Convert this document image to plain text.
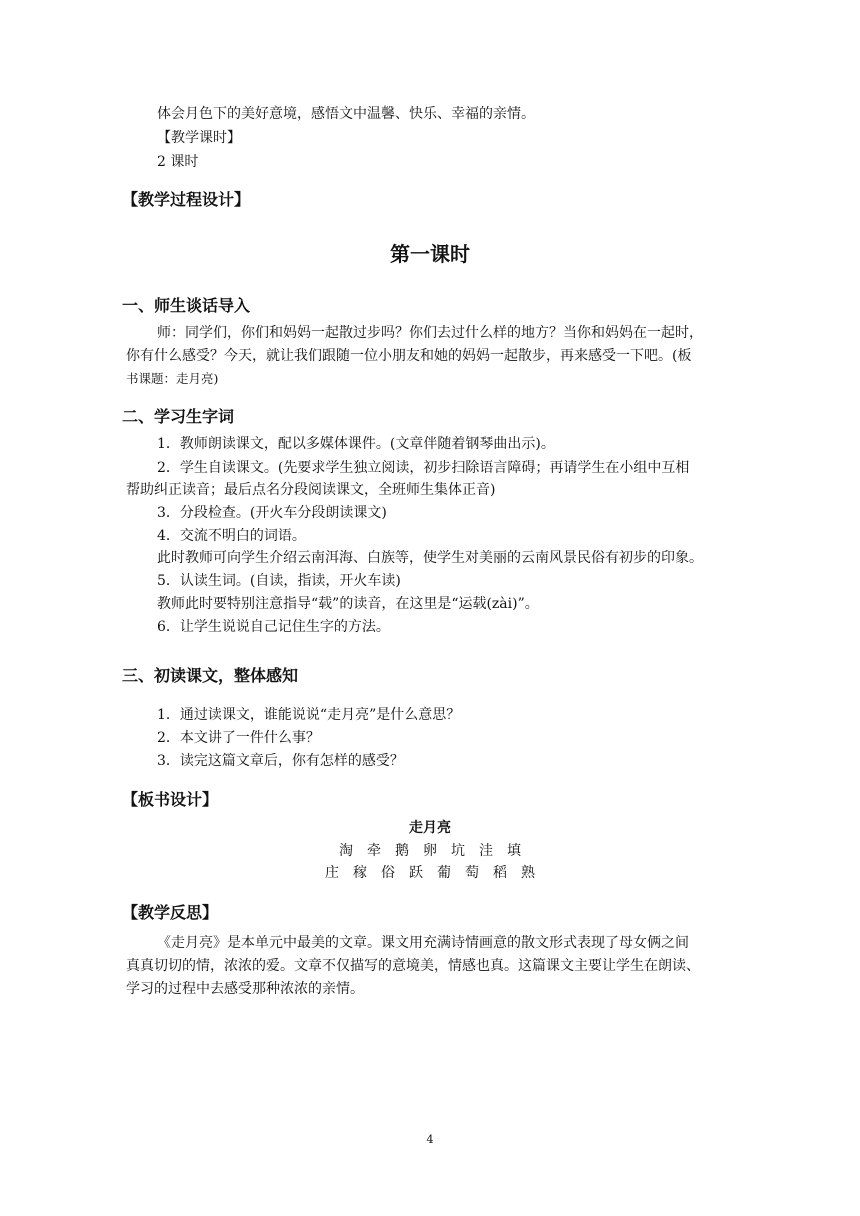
体会月色下的美好意境，感悟文中温馨、快乐、幸福的亲情。
【教学课时】
2 课时
【教学过程设计】
第一课时
一、师生谈话导入
师：同学们，你们和妈妈一起散过步吗？你们去过什么样的地方？当你和妈妈在一起时，
你有什么感受？今天，就让我们跟随一位小朋友和她的妈妈一起散步，再来感受一下吧。(板
书课题：走月亮)
二、学习生字词
1．教师朗读课文，配以多媒体课件。(文章伴随着钢琴曲出示)。
2．学生自读课文。(先要求学生独立阅读，初步扫除语言障碍；再请学生在小组中互相
帮助纠正读音；最后点名分段阅读课文，全班师生集体正音)
3．分段检查。(开火车分段朗读课文)
4．交流不明白的词语。
此时教师可向学生介绍云南洱海、白族等，使学生对美丽的云南风景民俗有初步的印象。
5．认读生词。(自读，指读，开火车读)
教师此时要特别注意指导“载”的读音，在这里是“运载(zài)”。
6．让学生说说自己记住生字的方法。
三、初读课文，整体感知
1．通过读课文，谁能说说“走月亮”是什么意思？
2．本文讲了一件什么事？
3．读完这篇文章后，你有怎样的感受？
【板书设计】
走月亮
淘 牵 鹅 卵 坑 洼 填
庄 稼 俗 跃 葡 萄 稻 熟
【教学反思】
《走月亮》是本单元中最美的文章。课文用充满诗情画意的散文形式表现了母女俩之间
真真切切的情，浓浓的爱。文章不仅描写的意境美，情感也真。这篇课文主要让学生在朗读、
学习的过程中去感受那种浓浓的亲情。
4
